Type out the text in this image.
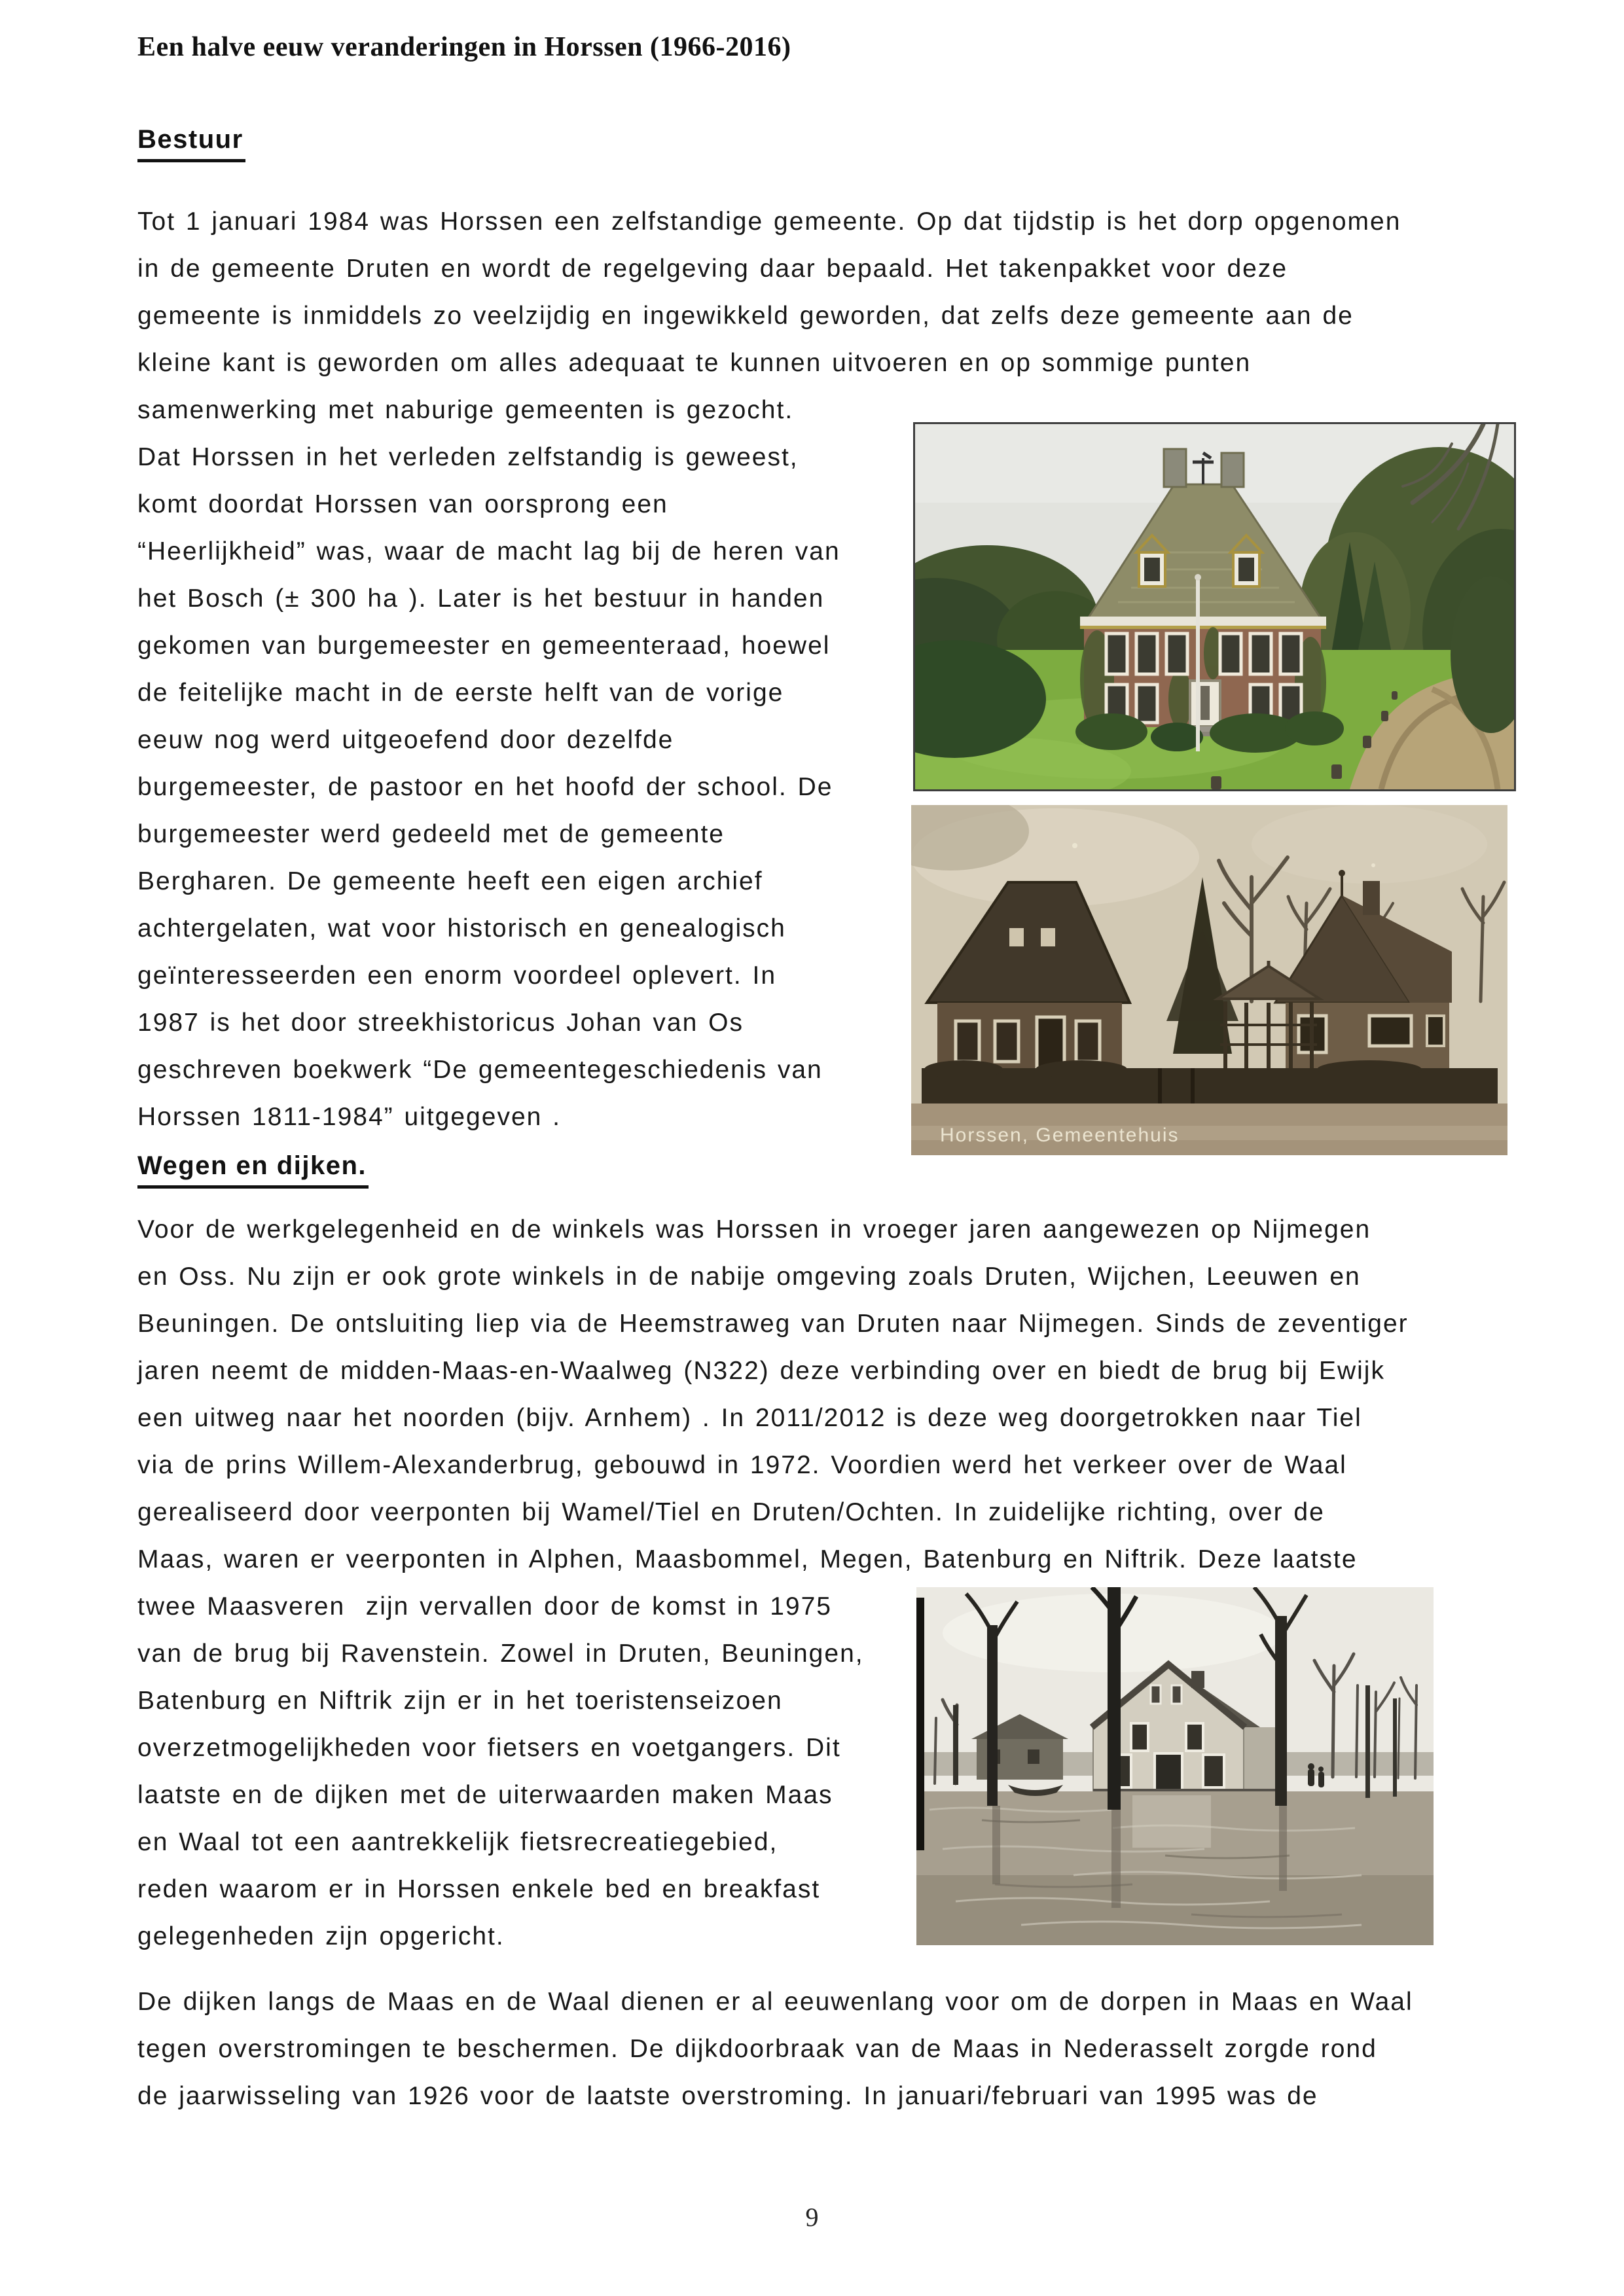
Een halve eeuw veranderingen in Horssen (1966-2016)
Bestuur
Tot 1 januari 1984 was Horssen een zelfstandige gemeente. Op dat tijdstip is het dorp opgenomen
in de gemeente Druten en wordt de regelgeving daar bepaald. Het takenpakket voor deze
gemeente is inmiddels zo veelzijdig en ingewikkeld geworden, dat zelfs deze gemeente aan de
kleine kant is geworden om alles adequaat te kunnen uitvoeren en op sommige punten
samenwerking met naburige gemeenten is gezocht.
Dat Horssen in het verleden zelfstandig is geweest,
komt doordat Horssen van oorsprong een
“Heerlijkheid” was, waar de macht lag bij de heren van
het Bosch (± 300 ha ). Later is het bestuur in handen
gekomen van burgemeester en gemeenteraad, hoewel
de feitelijke macht in de eerste helft van de vorige
eeuw nog werd uitgeoefend door dezelfde
burgemeester, de pastoor en het hoofd der school. De
burgemeester werd gedeeld met de gemeente
Bergharen. De gemeente heeft een eigen archief
achtergelaten, wat voor historisch en genealogisch
geïnteresseerden een enorm voordeel oplevert. In
1987 is het door streekhistoricus Johan van Os
geschreven boekwerk “De gemeentegeschiedenis van
Horssen 1811-1984” uitgegeven .
Wegen en dijken.
Voor de werkgelegenheid en de winkels was Horssen in vroeger jaren aangewezen op Nijmegen
en Oss. Nu zijn er ook grote winkels in de nabije omgeving zoals Druten, Wijchen, Leeuwen en
Beuningen. De ontsluiting liep via de Heemstraweg van Druten naar Nijmegen. Sinds de zeventiger
jaren neemt de midden-Maas-en-Waalweg (N322) deze verbinding over en biedt de brug bij Ewijk
een uitweg naar het noorden (bijv. Arnhem) . In 2011/2012 is deze weg doorgetrokken naar Tiel
via de prins Willem-Alexanderbrug, gebouwd in 1972. Voordien werd het verkeer over de Waal
gerealiseerd door veerponten bij Wamel/Tiel en Druten/Ochten. In zuidelijke richting, over de
Maas, waren er veerponten in Alphen, Maasbommel, Megen, Batenburg en Niftrik. Deze laatste
twee Maasveren  zijn vervallen door de komst in 1975
van de brug bij Ravenstein. Zowel in Druten, Beuningen,
Batenburg en Niftrik zijn er in het toeristenseizoen
overzetmogelijkheden voor fietsers en voetgangers. Dit
laatste en de dijken met de uiterwaarden maken Maas
en Waal tot een aantrekkelijk fietsrecreatiegebied,
reden waarom er in Horssen enkele bed en breakfast
gelegenheden zijn opgericht.
De dijken langs de Maas en de Waal dienen er al eeuwenlang voor om de dorpen in Maas en Waal
tegen overstromingen te beschermen. De dijkdoorbraak van de Maas in Nederasselt zorgde rond
de jaarwisseling van 1926 voor de laatste overstroming. In januari/februari van 1995 was de
Horssen, Gemeentehuis
9
